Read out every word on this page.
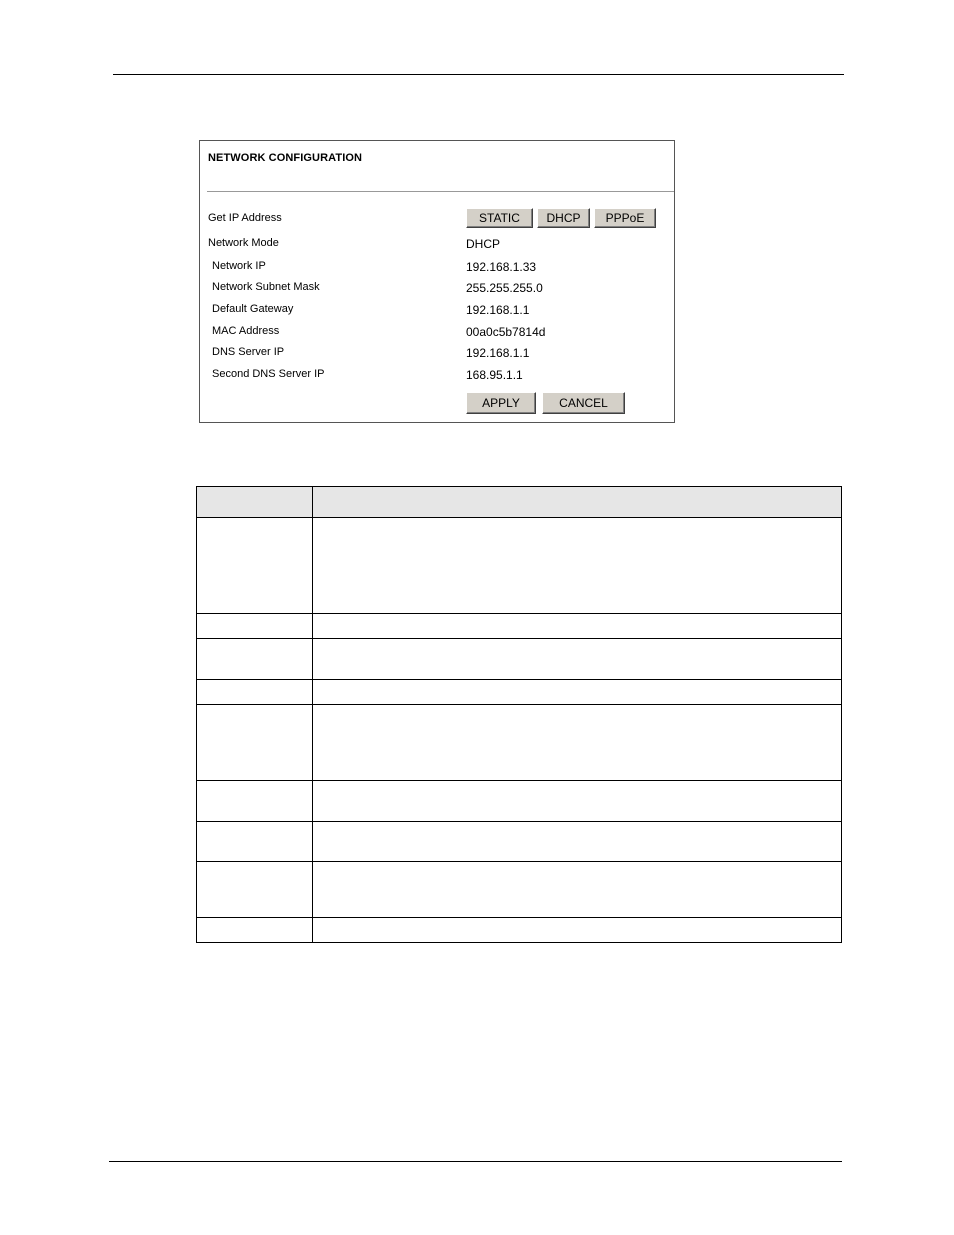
NETWORK CONFIGURATION
Get IP Address	STATIC	DHCP	PPPoE
Network Mode	DHCP
Network IP	192.168.1.33
Network Subnet Mask	255.255.255.0
Default Gateway	192.168.1.1
MAC Address	00a0c5b7814d
DNS Server IP	192.168.1.1
Second DNS Server IP	168.95.1.1
APPLY	CANCEL
